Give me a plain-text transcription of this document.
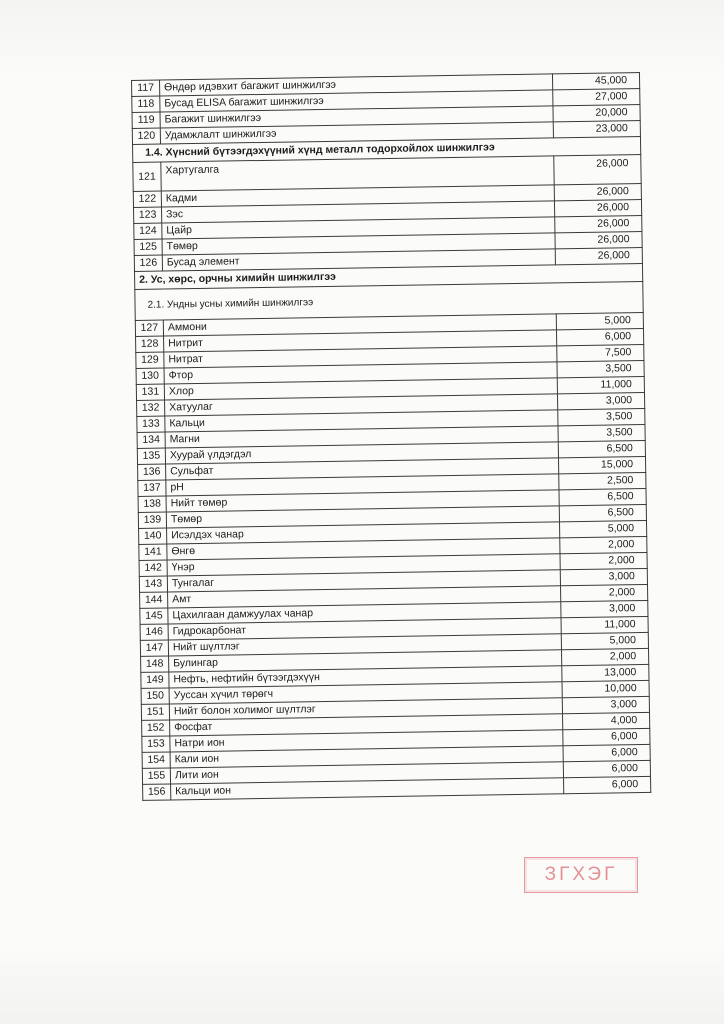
117	Өндөр идэвхит багажит шинжилгээ	45,000
118	Бусад ELISA багажит шинжилгээ	27,000
119	Багажит шинжилгээ	20,000
120	Удамжлалт шинжилгээ	23,000
1.4. Хүнсний бүтээгдэхүүний хүнд металл тодорхойлох шинжилгээ		
121	Хартугалга	26,000
122	Кадми	26,000
123	Зэс	26,000
124	Цайр	26,000
125	Төмөр	26,000
126	Бусад элемент	26,000
2. Ус, хөрс, орчны химийн шинжилгээ		
2.1. Ундны усны химийн шинжилгээ		
127	Аммони	5,000
128	Нитрит	6,000
129	Нитрат	7,500
130	Фтор	3,500
131	Хлор	11,000
132	Хатуулаг	3,000
133	Кальци	3,500
134	Магни	3,500
135	Хуурай үлдэгдэл	6,500
136	Сульфат	15,000
137	pH	2,500
138	Нийт төмөр	6,500
139	Төмөр	6,500
140	Исэлдэх чанар	5,000
141	Өнгө	2,000
142	Үнэр	2,000
143	Тунгалаг	3,000
144	Амт	2,000
145	Цахилгаан дамжуулах чанар	3,000
146	Гидрокарбонат	11,000
147	Нийт шүлтлэг	5,000
148	Булингар	2,000
149	Нефть, нефтийн бүтээгдэхүүн	13,000
150	Ууссан хүчил төрөгч	10,000
151	Нийт болон холимог шүлтлэг	3,000
152	Фосфат	4,000
153	Натри ион	6,000
154	Кали ион	6,000
155	Лити ион	6,000
156	Кальци ион	6,000
ЗГХЭГ
